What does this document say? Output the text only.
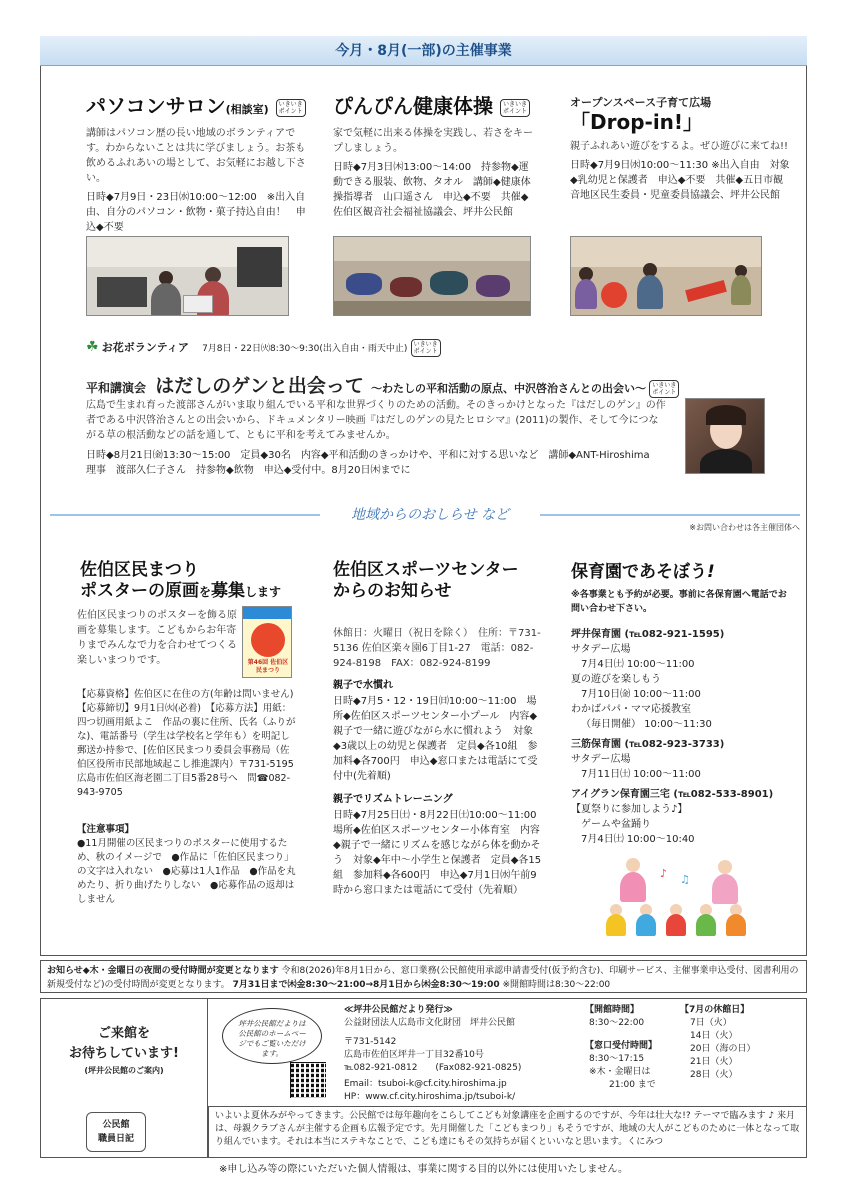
今月・8月(一部)の主催事業
パソコンサロン(相談室) いきいきポイント
講師はパソコン歴の長い地域のボランティアです。わからないことは共に学びましょう。お茶も飲めるふれあいの場として、お気軽にお越し下さい。
日時◆7月9日・23日㈬10:00～12:00　※出入自由、自分のパソコン・飲物・菓子持込自由！　申込◆不要
ぴんぴん健康体操 いきいきポイント
家で気軽に出来る体操を実践し、若さをキープしましょう。
日時◆7月3日㈭13:00～14:00　持参物◆運動できる服装、飲物、タオル　講師◆健康体操指導者　山口遥さん　申込◆不要　共催◆佐伯区観音社会福祉協議会、坪井公民館
オープンスペース子育て広場
「Drop-in!」
親子ふれあい遊びをするよ。ぜひ遊びに来てね!!
日時◆7月9日㈬10:00～11:30 ※出入自由　対象◆乳幼児と保護者　申込◆不要　共催◆五日市観音地区民生委員・児童委員協議会、坪井公民館
☘ お花ボランティア 7月8日・22日㈫8:30～9:30(出入自由・雨天中止) いきいきポイント
平和講演会 はだしのゲンと出会って ～わたしの平和活動の原点、中沢啓治さんとの出会い～ いきいきポイント
広島で生まれ育った渡部さんがいま取り組んでいる平和な世界づくりのための活動。そのきっかけとなった『はだしのゲン』の作者である中沢啓治さんとの出会いから、ドキュメンタリー映画『はだしのゲンの見たヒロシマ』(2011)の製作、そして今につながる草の根活動などの話を通して、ともに平和を考えてみませんか。
日時◆8月21日㈮13:30～15:00　定員◆30名　内容◆平和活動のきっかけや、平和に対する思いなど　講師◆ANT-Hiroshima　理事　渡部久仁子さん　持参物◆飲物　申込◆受付中。8月20日㈭までに
地域からのおしらせ など
※お問い合わせは各主催団体へ
佐伯区民まつり
ポスターの原画を募集します
佐伯区民まつりのポスターを飾る原画を募集します。こどもからお年寄りまでみんなで力を合わせてつくる楽しいまつりです。	第46回 佐伯区民まつり
【応募資格】佐伯区に在住の方(年齢は問いません)　【応募締切】9月1日㈫(必着)　【応募方法】用紙：四つ切画用紙よこ　作品の裏に住所、氏名（ふりがな)、電話番号（学生は学校名と学年も）を明記し郵送か持参で、[佐伯区民まつり委員会事務局（佐伯区役所市民部地域起こし推進課内）〒731-5195　広島市佐伯区海老園二丁目5番28号へ　問☎082-943-9705
【注意事項】
●11月開催の区民まつりのポスターに使用するため、秋のイメージで　●作品に「佐伯区民まつり」の文字は入れない　●応募は1人1作品　●作品を丸めたり、折り曲げたりしない　●応募作品の返却はしません
佐伯区スポーツセンター
からのお知らせ
休館日：火曜日（祝日を除く）　住所：〒731-5136 佐伯区楽々園6丁目1-27　電話：082-924-8198　FAX：082-924-8199
親子で水慣れ
日時◆7月5・12・19日㈰10:00～11:00　場所◆佐伯区スポーツセンター小プール　内容◆親子で一緒に遊びながら水に慣れよう　対象◆3歳以上の幼児と保護者　定員◆各10組　参加料◆各700円　申込◆窓口または電話にて受付中(先着順)
親子でリズムトレーニング
日時◆7月25日㈯・8月22日㈯10:00～11:00　場所◆佐伯区スポーツセンター小体育室　内容◆親子で一緒にリズムを感じながら体を動かそう　対象◆年中～小学生と保護者　定員◆各15組　参加料◆各600円　申込◆7月1日㈬午前9時から窓口または電話にて受付（先着順）
保育園であそぼう!
※各事業とも予約が必要。事前に各保育園へ電話でお問い合わせ下さい。
坪井保育園 (℡082-921-1595)
サタデー広場
7月4日㈯ 10:00～11:00
夏の遊びを楽しもう
7月10日㈮ 10:00～11:00
わかばパパ・ママ応援教室
（毎日開催） 10:00～11:30
三筋保育園 (℡082-923-3733)
サタデー広場
7月11日㈯ 10:00～11:00
アイグラン保育園三宅 (℡082-533-8901)
【夏祭りに参加しよう♪】
ゲームや盆踊り
7月4日㈯ 10:00～10:40
♪ ♫
お知らせ◆木・金曜日の夜間の受付時間が変更となります 令和8(2026)年8月1日から、窓口業務(公民館使用承認申請書受付(仮予約含む)、印刷サービス、主催事業申込受付、図書利用の新規受付など)の受付時間が変更となります。 7月31日まで㈭金8:30～21:00→8月1日から㈭金8:30～19:00 ※開館時間は8:30～22:00
ご来館を
お待ちしています!
(坪井公民館のご案内)
公民館
職員日記
坪井公民館だよりは公民館のホームページでもご覧いただけます。
≪坪井公民館だより発行≫
公益財団法人広島市文化財団　坪井公民館
〒731-5142
広島市佐伯区坪井一丁目32番10号
℡082-921-0812　　(Fax082-921-0825)
Email：tsuboi-k@cf.city.hiroshima.jp
HP：www.cf.city.hiroshima.jp/tsuboi-k/
【開館時間】
8:30～22:00
【窓口受付時間】
8:30～17:15
※木・金曜日は
21:00 まで
【7月の休館日】
7日（火）
14日（火）
20日（海の日）
21日（火）
28日（火）
いよいよ夏休みがやってきます。公民館では毎年趣向をこらしてこども対象講座を企画するのですが、今年は壮大な!? テーマで臨みます ♪ 来月は、母親クラブさんが主催する企画も広報予定です。先月開催した「こどもまつり」もそうですが、地域の大人がこどものために一体となって取り組んでいます。それは本当にステキなことで、こども達にもその気持ちが届くといいなと思います。くにみつ
※申し込み等の際にいただいた個人情報は、事業に関する目的以外には使用いたしません。
